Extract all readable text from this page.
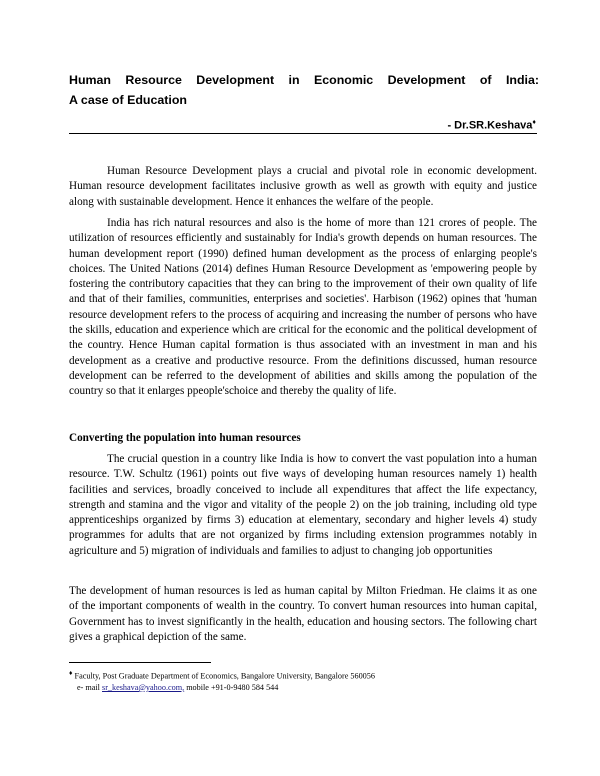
Human Resource Development in Economic Development of India:
A case of Education
- Dr.SR.Keshava♦
Human Resource Development plays a crucial and pivotal role in economic development. Human resource development facilitates inclusive growth as well as growth with equity and justice along with sustainable development. Hence it enhances the welfare of the people.
India has rich natural resources and also is the home of more than 121 crores of people. The utilization of resources efficiently and sustainably for India's growth depends on human resources. The human development report (1990) defined human development as the process of enlarging people's choices. The United Nations (2014) defines Human Resource Development as 'empowering people by fostering the contributory capacities that they can bring to the improvement of their own quality of life and that of their families, communities, enterprises and societies'. Harbison (1962) opines that 'human resource development refers to the process of acquiring and increasing the number of persons who have the skills, education and experience which are critical for the economic and the political development of the country. Hence Human capital formation is thus associated with an investment in man and his development as a creative and productive resource. From the definitions discussed, human resource development can be referred to the development of abilities and skills among the population of the country so that it enlarges ppeople'schoice and thereby the quality of life.
Converting the population into human resources
The crucial question in a country like India is how to convert the vast population into a human resource. T.W. Schultz (1961) points out five ways of developing human resources namely 1) health facilities and services, broadly conceived to include all expenditures that affect the life expectancy, strength and stamina and the vigor and vitality of the people 2) on the job training, including old type apprenticeships organized by firms 3) education at elementary, secondary and higher levels 4) study programmes for adults that are not organized by firms including extension programmes notably in agriculture and 5) migration of individuals and families to adjust to changing job opportunities
The development of human resources is led as human capital by Milton Friedman. He claims it as one of the important components of wealth in the country. To convert human resources into human capital, Government has to invest significantly in the health, education and housing sectors. The following chart gives a graphical depiction of the same.
♦ Faculty, Post Graduate Department of Economics, Bangalore University, Bangalore 560056
e- mail sr_keshava@yahoo.com, mobile +91-0-9480 584 544
